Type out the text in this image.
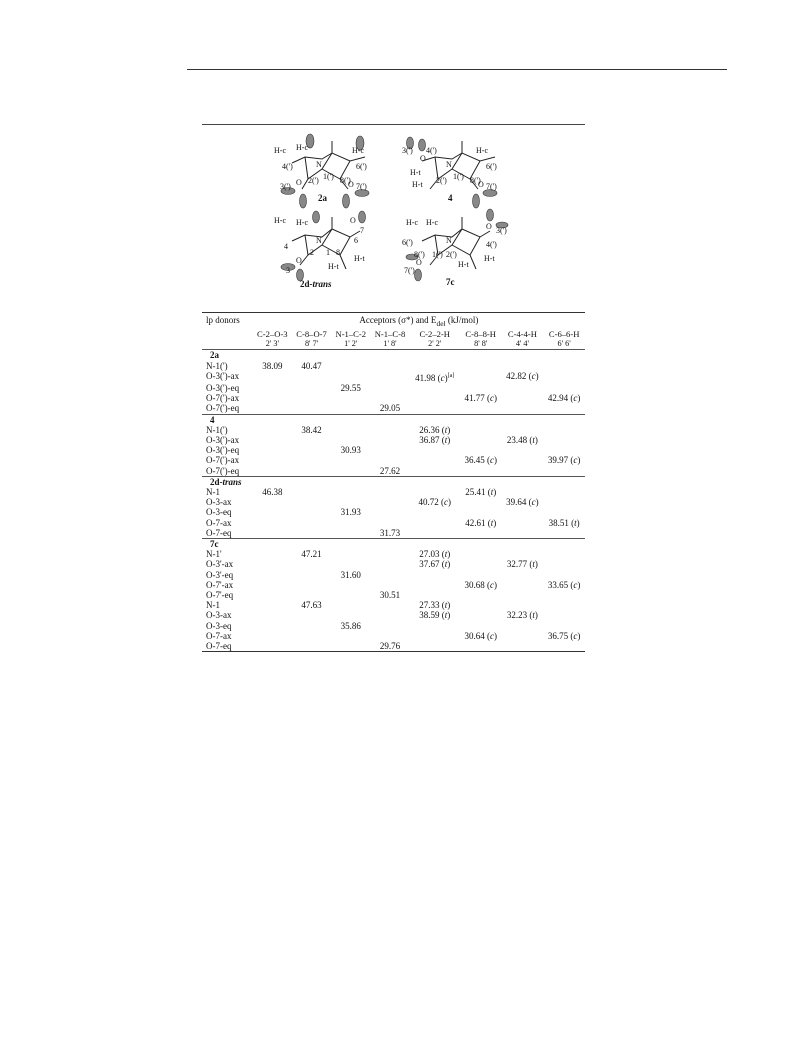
H-c H-c	H-c
N
4(')	6(')
2(') 1(') 8(')
3(') O	O 7(')
2a
3(') 4(')
O
H-c
N	6(')
H-t
2(') 1(') 8(')
H-t	O 7(')
4
H-c H-c	O
7
4
N	6
2 1 8
O
3	H-t
H-t
2d-trans
H-c H-c	O 3(')
6(')	N	4(')
8(') 1(') 2(')
O
7(')
H-t
H-t
7c
lp donors	Acceptors (σ*) and $E_{del}$ (kJ/mol)							
	C-2–O-3	C-8–O-7	N-1–C-2	N-1–C-8	C-2–2-H	C-8–8-H	C-4-4-H	C-6–6-H
	2' 3'	8' 7'	1' 2'	1' 8'	2' 2'	8' 8'	4' 4'	6' 6'
2a								
N-1(')	38.09	40.47						
O-3(')-ax					41.98 (c)[a]		42.82 (c)	
O-3(')-eq			29.55					
O-7(')-ax						41.77 (c)		42.94 (c)
O-7(')-eq				29.05				
4								
N-1(')		38.42			26.36 (t)			
O-3(')-ax					36.87 (t)		23.48 (t)	
O-3(')-eq			30.93					
O-7(')-ax						36.45 (c)		39.97 (c)
O-7(')-eq				27.62				
2d-trans								
N-1	46.38					25.41 (t)		
O-3-ax					40.72 (c)		39.64 (c)	
O-3-eq			31.93					
O-7-ax						42.61 (t)		38.51 (t)
O-7-eq				31.73				
7c								
N-1'		47.21			27.03 (t)			
O-3'-ax					37.67 (t)		32.77 (t)	
O-3'-eq			31.60					
O-7'-ax						30.68 (c)		33.65 (c)
O-7'-eq				30.51				
N-1		47.63			27.33 (t)			
O-3-ax					38.59 (t)		32.23 (t)	
O-3-eq			35.86					
O-7-ax						30.64 (c)		36.75 (c)
O-7-eq				29.76				
